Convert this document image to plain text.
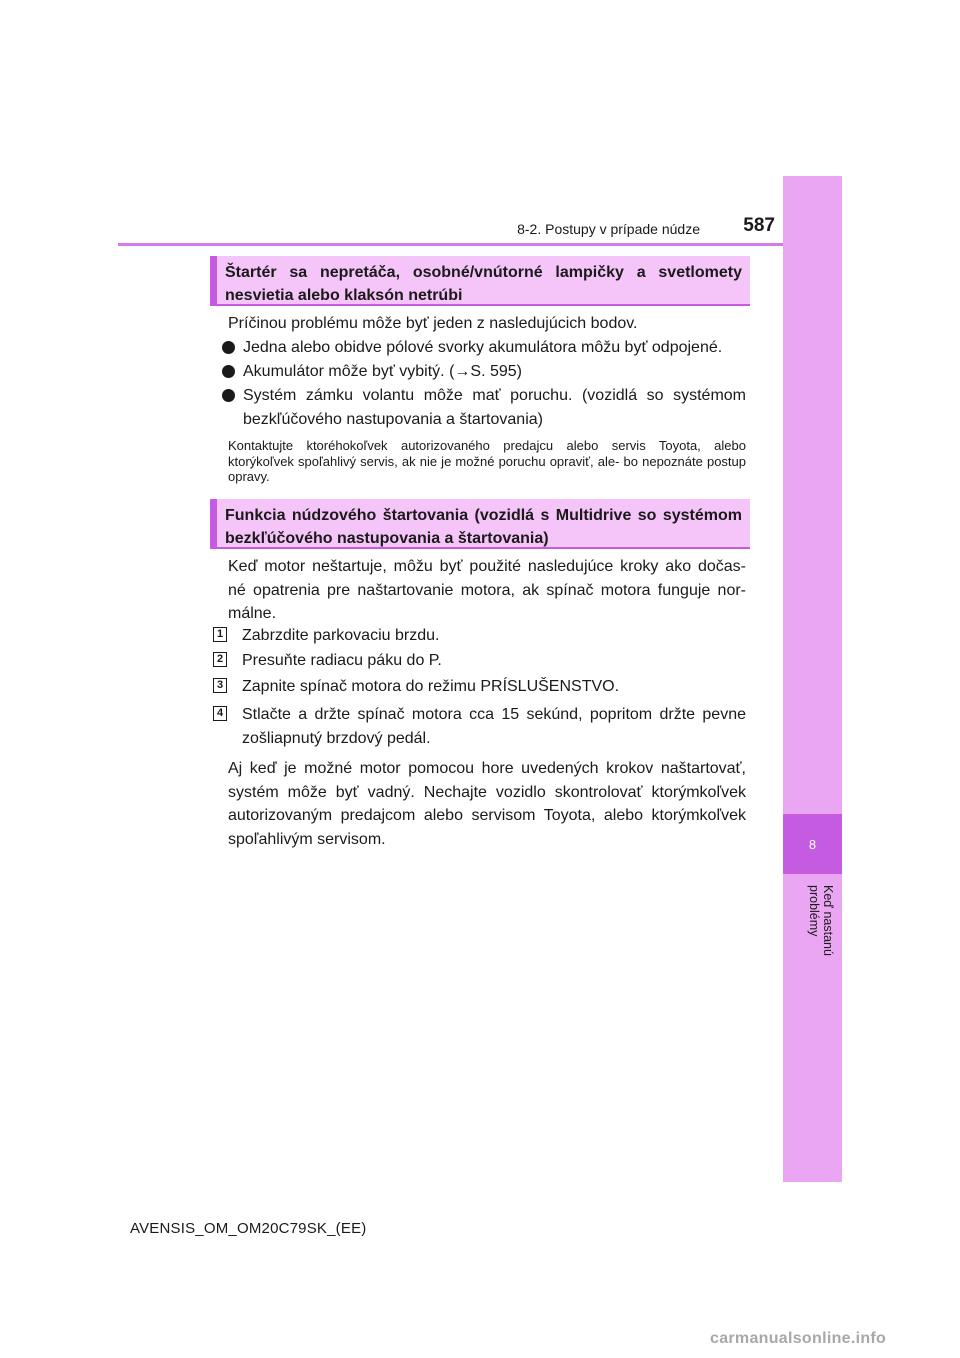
8
Keď nastanú problémy
8-2. Postupy v prípade núdze	587
Štartér sa nepretáča, osobné/vnútorné lampičky a svetlomety nesvietia alebo klaksón netrúbi
Príčinou problému môže byť jeden z nasledujúcich bodov.
Jedna alebo obidve pólové svorky akumulátora môžu byť odpojené.
Akumulátor môže byť vybitý. (→S. 595)
Systém zámku volantu môže mať poruchu. (vozidlá so systémom bezkľúčového nastupovania a štartovania)
Kontaktujte ktoréhokoľvek autorizovaného predajcu alebo servis Toyota, alebo ktorýkoľvek spoľahlivý servis, ak nie je možné poruchu opraviť, ale- bo nepoznáte postup opravy.
Funkcia núdzového štartovania (vozidlá s Multidrive so systémom bezkľúčového nastupovania a štartovania)
Keď motor neštartuje, môžu byť použité nasledujúce kroky ako dočas- né opatrenia pre naštartovanie motora, ak spínač motora funguje nor- málne.
1 Zabrzdite parkovaciu brzdu.
2 Presuňte radiacu páku do P.
3 Zapnite spínač motora do režimu PRÍSLUŠENSTVO.
4 Stlačte a držte spínač motora cca 15 sekúnd, popritom držte pevne zošliapnutý brzdový pedál.
Aj keď je možné motor pomocou hore uvedených krokov naštartovať, systém môže byť vadný. Nechajte vozidlo skontrolovať ktorýmkoľvek autorizovaným predajcom alebo servisom Toyota, alebo ktorýmkoľvek spoľahlivým servisom.
AVENSIS_OM_OM20C79SK_(EE)
carmanualsonline.info
